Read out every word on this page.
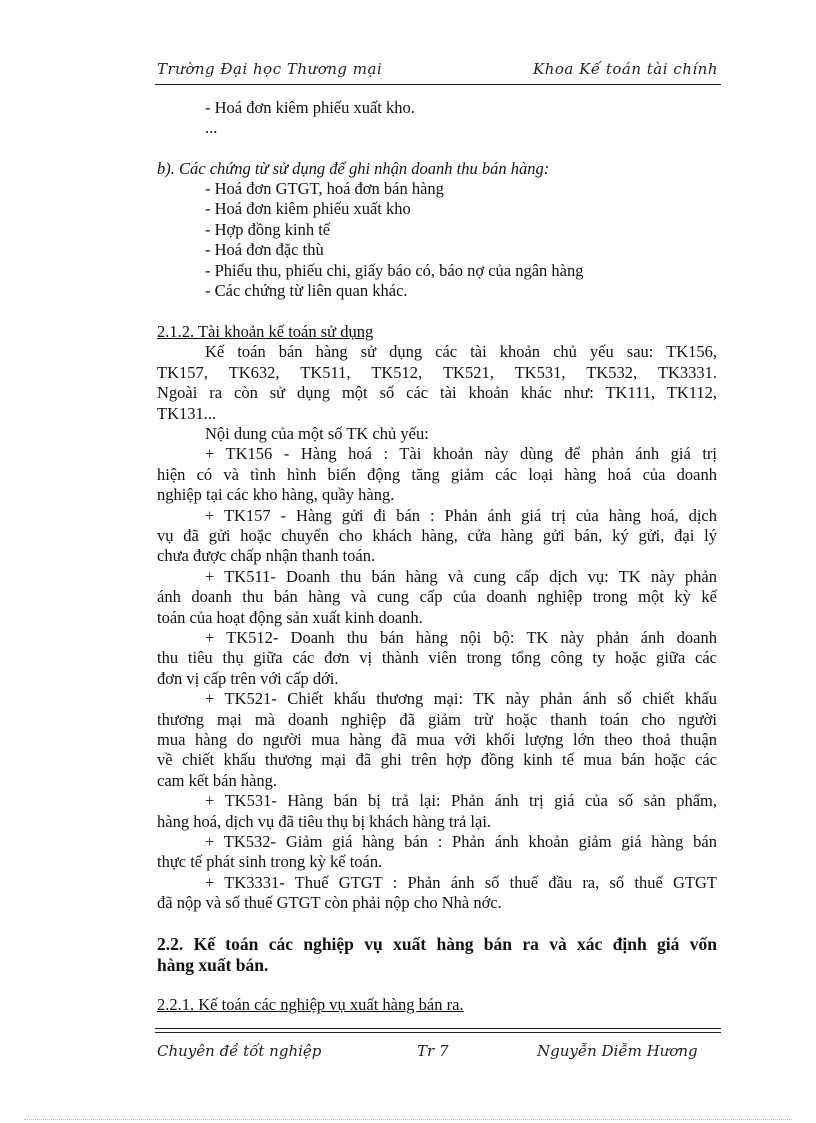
Trường Đại học Thương mại	Khoa Kế toán tài chính
- Hoá đơn kiêm phiếu xuất kho.
...
b). Các chứng từ sử dụng để ghi nhận doanh thu bán hàng:
- Hoá đơn GTGT, hoá đơn bán hàng
- Hoá đơn kiêm phiếu xuất kho
- Hợp đồng kinh tế
- Hoá đơn đặc thù
- Phiếu thu, phiếu chi, giấy báo có, báo nợ của ngân hàng
- Các chứng từ liên quan khác.
2.1.2. Tài khoản kế toán sử dụng
Kế toán bán hàng sử dụng các tài khoản chủ yếu sau: TK156,
TK157, TK632, TK511, TK512, TK521, TK531, TK532, TK3331.
Ngoài ra còn sử dụng một số các tài khoản khác như: TK111, TK112,
TK131...
Nội dung của một số TK chủ yếu:
+ TK156 - Hàng hoá : Tài khoản này dùng để phản ánh giá trị
hiện có và tình hình biến động tăng giảm các loại hàng hoá của doanh
nghiệp tại các kho hàng, quầy hàng.
+ TK157 - Hàng gửi đi bán : Phản ánh giá trị của hàng hoá, dịch
vụ đã gửi hoặc chuyển cho khách hàng, cửa hàng gửi bán, ký gửi, đại lý
chưa được chấp nhận thanh toán.
+ TK511- Doanh thu bán hàng và cung cấp dịch vụ: TK này phản
ánh doanh thu bán hàng và cung cấp của doanh nghiệp trong một kỳ kế
toán của hoạt động sản xuất kinh doanh.
+ TK512- Doanh thu bán hàng nội bộ: TK này phản ánh doanh
thu tiêu thụ giữa các đơn vị thành viên trong tổng công ty hoặc giữa các
đơn vị cấp trên với cấp dới.
+ TK521- Chiết khấu thương mại: TK này phản ánh số chiết khấu
thương mại mà doanh nghiệp đã giảm trừ hoặc thanh toán cho người
mua hàng do người mua hàng đã mua với khối lượng lớn theo thoả thuận
về chiết khấu thương mại đã ghi trên hợp đồng kinh tế mua bán hoặc các
cam kết bán hàng.
+ TK531- Hàng bán bị trả lại: Phản ánh trị giá của số sản phẩm,
hàng hoá, dịch vụ đã tiêu thụ bị khách hàng trả lại.
+ TK532- Giảm giá hàng bán : Phản ánh khoản giảm giá hàng bán
thực tế phát sinh trong kỳ kế toán.
+ TK3331- Thuế GTGT : Phản ánh số thuế đầu ra, số thuế GTGT
đã nộp và số thuế GTGT còn phải nộp cho Nhà nớc.
2.2. Kế toán các nghiệp vụ xuất hàng bán ra và xác định giá vốn
hàng xuất bán.
2.2.1. Kế toán các nghiệp vụ xuất hàng bán ra.
Chuyên đề tốt nghiệp	Tr 7	Nguyễn Diễm Hương
